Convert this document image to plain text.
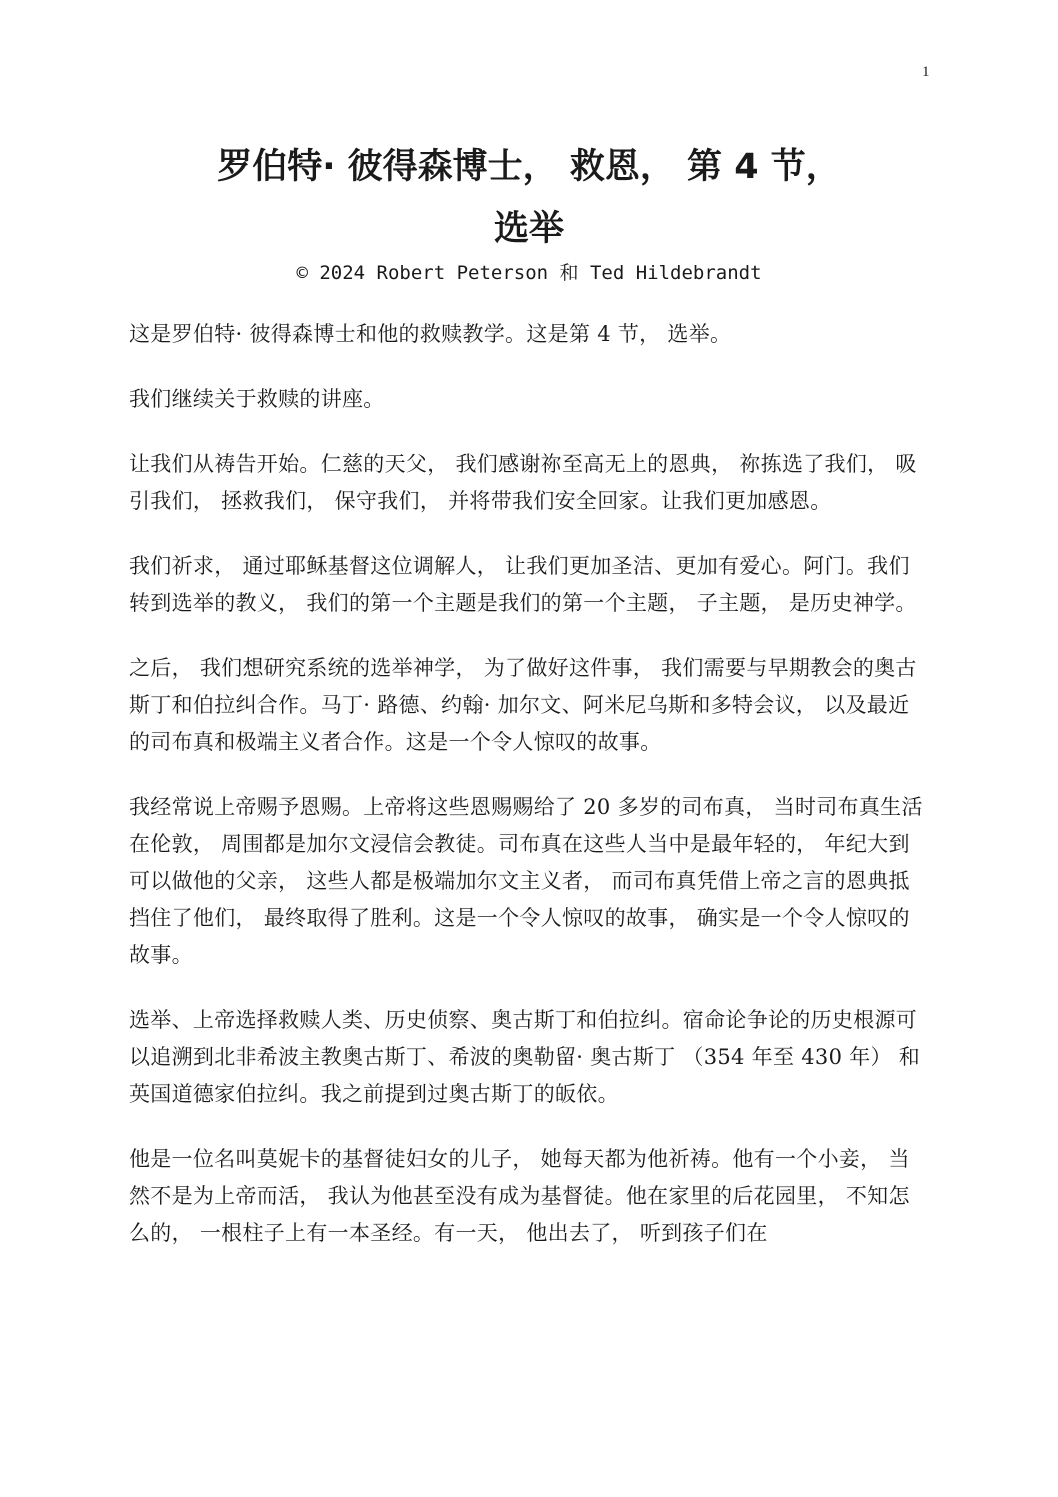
1
罗伯特· 彼得森博士， 救恩， 第 4 节，
选举
© 2024 Robert Peterson 和 Ted Hildebrandt

这是罗伯特· 彼得森博士和他的救赎教学。这是第 4 节， 选举。

我们继续关于救赎的讲座。

让我们从祷告开始。仁慈的天父， 我们感谢祢至高无上的恩典， 祢拣选了我们， 吸引我们， 拯救我们， 保守我们， 并将带我们安全回家。让我们更加感恩。

我们祈求， 通过耶稣基督这位调解人， 让我们更加圣洁、更加有爱心。阿门。我们转到选举的教义， 我们的第一个主题是我们的第一个主题， 子主题， 是历史神学。

之后， 我们想研究系统的选举神学， 为了做好这件事， 我们需要与早期教会的奥古斯丁和伯拉纠合作。马丁· 路德、约翰· 加尔文、阿米尼乌斯和多特会议， 以及最近的司布真和极端主义者合作。这是一个令人惊叹的故事。

我经常说上帝赐予恩赐。上帝将这些恩赐赐给了 20 多岁的司布真， 当时司布真生活在伦敦， 周围都是加尔文浸信会教徒。司布真在这些人当中是最年轻的， 年纪大到可以做他的父亲， 这些人都是极端加尔文主义者， 而司布真凭借上帝之言的恩典抵挡住了他们， 最终取得了胜利。这是一个令人惊叹的故事， 确实是一个令人惊叹的故事。

选举、上帝选择救赎人类、历史侦察、奥古斯丁和伯拉纠。宿命论争论的历史根源可以追溯到北非希波主教奥古斯丁、希波的奥勒留· 奥古斯丁 （354 年至 430 年） 和英国道德家伯拉纠。我之前提到过奥古斯丁的皈依。

他是一位名叫莫妮卡的基督徒妇女的儿子， 她每天都为他祈祷。他有一个小妾， 当然不是为上帝而活， 我认为他甚至没有成为基督徒。他在家里的后花园里， 不知怎么的， 一根柱子上有一本圣经。有一天， 他出去了， 听到孩子们在
